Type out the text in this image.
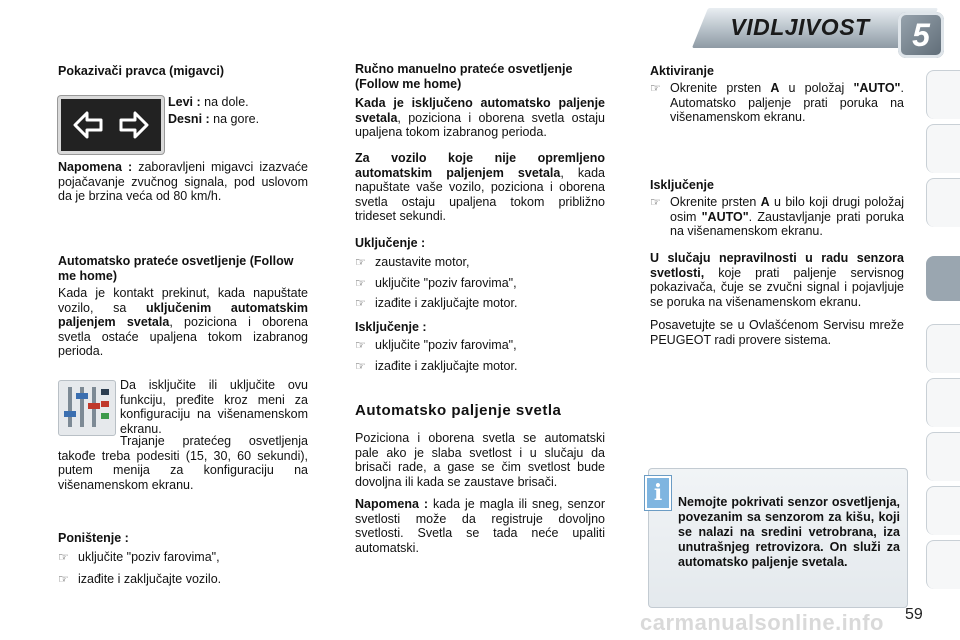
VIDLJIVOST	5
Pokazivači pravca (migavci)
Levi : na dole.
Desni : na gore.

Napomena : zaboravljeni migavci izazvaće pojačavanje zvučnog signala, pod uslovom da je brzina veća od 80 km/h.

Automatsko prateće osvetljenje (Follow me home)

Kada je kontakt prekinut, kada napuštate vozilo, sa uključenim automatskim paljenjem svetala, poziciona i oborena svetla ostaće upaljena tokom izabranog perioda.

Da isključite ili uključite ovu funkciju, pređite kroz meni za konfiguraciju na višenamenskom ekranu.

Trajanje pratećeg osvetljenja takođe treba podesiti (15, 30, 60 sekundi), putem menija za konfiguraciju na višenamenskom ekranu.

Poništenje :
☞ uključite "poziv farovima",
☞ izađite i zaključajte vozilo.
Ručno manuelno prateće osvetljenje (Follow me home)

Kada je isključeno automatsko paljenje svetala, poziciona i oborena svetla ostaju upaljena tokom izabranog perioda.

Za vozilo koje nije opremljeno automatskim paljenjem svetala, kada napuštate vaše vozilo, poziciona i oborena svetla ostaju upaljena tokom približno trideset sekundi.

Uključenje :
☞ zaustavite motor,
☞ uključite "poziv farovima",
☞ izađite i zaključajte motor.
Isključenje :
☞ uključite "poziv farovima",
☞ izađite i zaključajte motor.
Automatsko paljenje svetla

Poziciona i oborena svetla se automatski pale ako je slaba svetlost i u slučaju da brisači rade, a gase se čim svetlost bude dovoljna ili kada se zaustave brisači.

Napomena : kada je magla ili sneg, senzor svetlosti može da registruje dovoljno svetlosti. Svetla se tada neće upaliti automatski.

Aktiviranje
☞ Okrenite prsten A u položaj "AUTO". Automatsko paljenje prati poruka na višenamenskom ekranu.
Isključenje
☞ Okrenite prsten A u bilo koji drugi položaj osim "AUTO". Zaustavljanje prati poruka na višenamenskom ekranu.

U slučaju nepravilnosti u radu senzora svetlosti, koje prati paljenje servisnog pokazivača, čuje se zvučni signal i pojavljuje se poruka na višenamenskom ekranu.

Posavetujte se u Ovlašćenom Servisu mreže PEUGEOT radi provere sistema.

i	Nemojte pokrivati senzor osvetljenja, povezanim sa senzorom za kišu, koji se nalazi na sredini vetrobrana, iza unutrašnjeg retrovizora. On služi za automatsko paljenje svetala.

carmanualsonline.info 59
